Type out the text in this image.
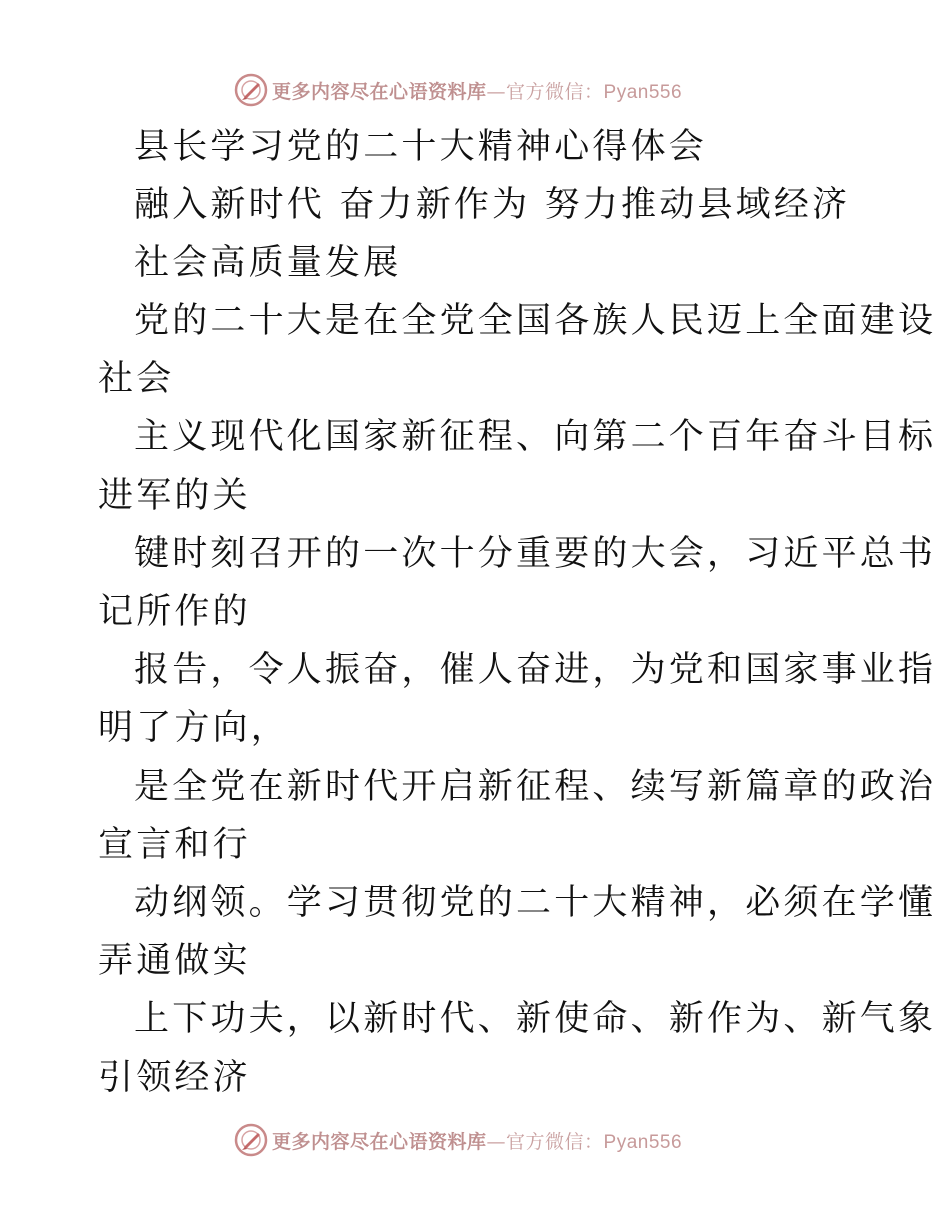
更多内容尽在心语资料库—官方微信：Pyan556

县长学习党的二十大精神心得体会

融入新时代 奋力新作为 努力推动县域经济

社会高质量发展

党的二十大是在全党全国各族人民迈上全面建设

社会

主义现代化国家新征程、向第二个百年奋斗目标

进军的关

键时刻召开的一次十分重要的大会，习近平总书

记所作的

报告，令人振奋，催人奋进，为党和国家事业指

明了方向，

是全党在新时代开启新征程、续写新篇章的政治

宣言和行

动纲领。学习贯彻党的二十大精神，必须在学懂

弄通做实

上下功夫，以新时代、新使命、新作为、新气象

引领经济

更多内容尽在心语资料库—官方微信：Pyan556
